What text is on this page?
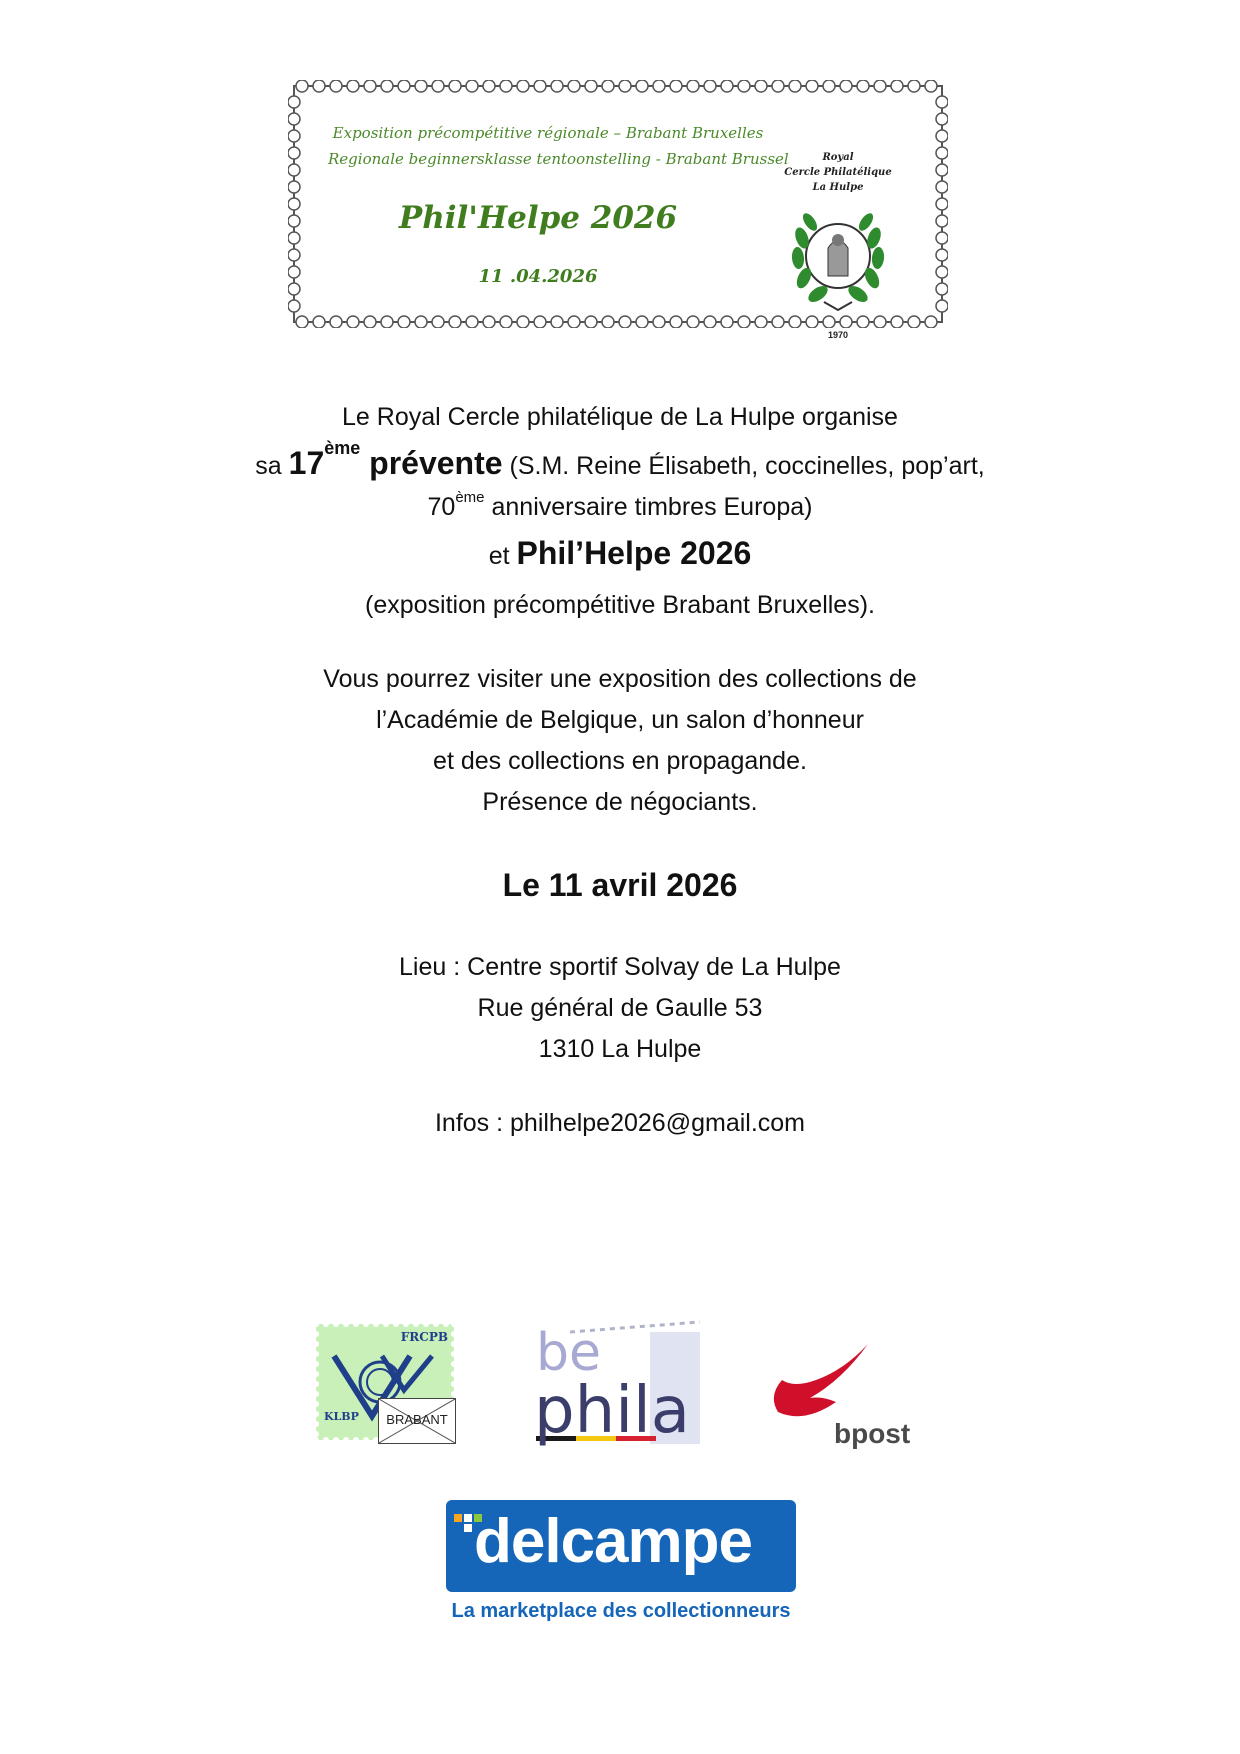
Exposition précompétitive régionale – Brabant Bruxelles
Regionale beginnersklasse tentoonstelling - Brabant Brussel
Phil'Helpe 2026
11 .04.2026
Royal
Cercle Philatélique
La Hulpe
1970
Le Royal Cercle philatélique de La Hulpe organise
sa 17ème prévente (S.M. Reine Élisabeth, coccinelles, pop’art,
70ème anniversaire timbres Europa)
et Phil’Helpe 2026
(exposition précompétitive Brabant Bruxelles).
Vous pourrez visiter une exposition des collections de
l’Académie de Belgique, un salon d’honneur
et des collections en propagande.
Présence de négociants.
Le 11 avril 2026
Lieu : Centre sportif Solvay de La Hulpe
Rue général de Gaulle 53
1310 La Hulpe
Infos : philhelpe2026@gmail.com
FRCPB
KLBP	BRABANT
be
phila	bpost
delcampe
La marketplace des collectionneurs
